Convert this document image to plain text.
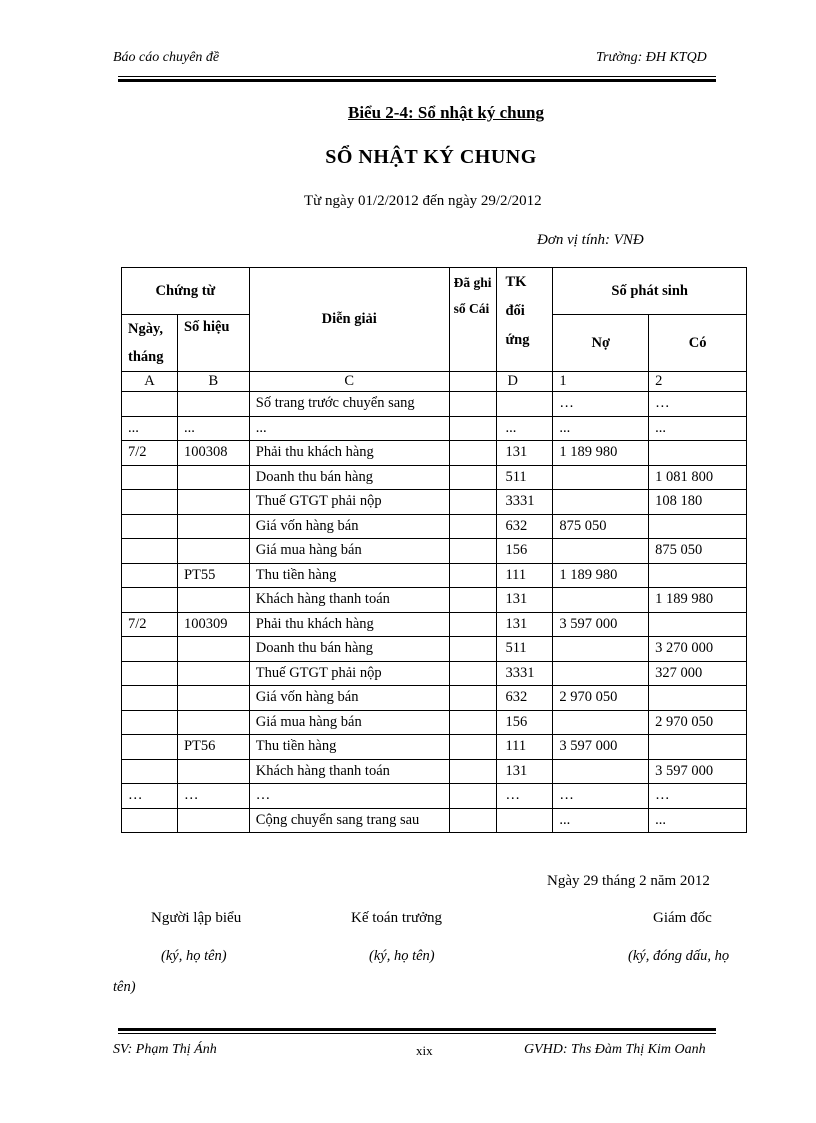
Báo cáo chuyên đề	Trường: ĐH KTQD
Biểu 2-4: Sổ nhật ký chung
SỔ NHẬT KÝ CHUNG
Từ ngày 01/2/2012 đến ngày 29/2/2012
Đơn vị tính: VNĐ
Chứng từ		Diễn giải	Đã ghi sổ Cái	TK đối ứng	Số phát sinh	

Ngày, tháng	Số hiệu				Nợ	Có
A	B	C		D	1	2
		Số trang trước chuyển sang			…	…
...	...	...		...	...	...
7/2	100308	Phải thu khách hàng		131	1 189 980	
		Doanh thu bán hàng		511		1 081 800
		Thuế GTGT phải nộp		3331		108 180
		Giá vốn hàng bán		632	875 050	
		Giá mua hàng bán		156		875 050
	PT55	Thu tiền hàng		111	1 189 980	
		Khách hàng thanh toán		131		1 189 980
7/2	100309	Phải thu khách hàng		131	3 597 000	
		Doanh thu bán hàng		511		3 270 000
		Thuế GTGT phải nộp		3331		327 000
		Giá vốn hàng bán		632	2 970 050	
		Giá mua hàng bán		156		2 970 050
	PT56	Thu tiền hàng		111	3 597 000	
		Khách hàng thanh toán		131		3 597 000
…	…	…		…	…	…
		Cộng chuyển sang trang sau			...	...
Ngày 29 tháng 2 năm 2012
Người lập biểu	Kế toán trưởng	Giám đốc
(ký, họ tên)	(ký, họ tên)	(ký, đóng dấu, họ
tên)
SV: Phạm Thị Ánh	xix	GVHD: Ths Đàm Thị Kim Oanh
